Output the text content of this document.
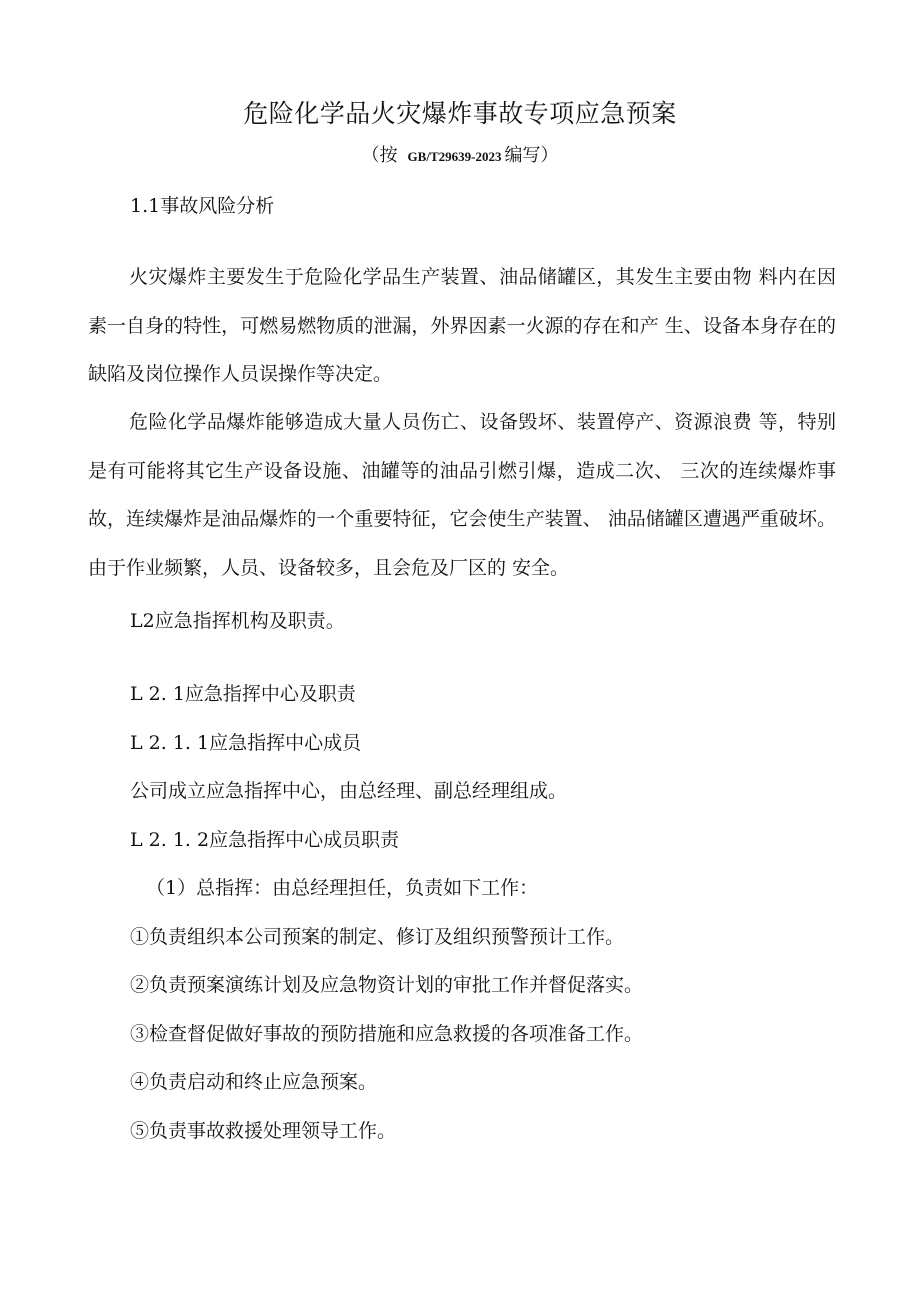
危险化学品火灾爆炸事故专项应急预案
（按 GB/T29639-2023 编写）
1.1事故风险分析
火灾爆炸主要发生于危险化学品生产装置、油品储罐区，其发生主要由物 料内在因素一自身的特性，可燃易燃物质的泄漏，外界因素一火源的存在和产 生、设备本身存在的缺陷及岗位操作人员误操作等决定。
危险化学品爆炸能够造成大量人员伤亡、设备毁坏、装置停产、资源浪费 等，特别是有可能将其它生产设备设施、油罐等的油品引燃引爆，造成二次、 三次的连续爆炸事故，连续爆炸是油品爆炸的一个重要特征，它会使生产装置、 油品储罐区遭遇严重破坏。由于作业频繁，人员、设备较多，且会危及厂区的 安全。
L2应急指挥机构及职责。
L 2. 1应急指挥中心及职责
L 2. 1. 1应急指挥中心成员
公司成立应急指挥中心，由总经理、副总经理组成。
L 2. 1. 2应急指挥中心成员职责
（1）总指挥：由总经理担任，负责如下工作：
①负责组织本公司预案的制定、修订及组织预警预计工作。
②负责预案演练计划及应急物资计划的审批工作并督促落实。
③检查督促做好事故的预防措施和应急救援的各项准备工作。
④负责启动和终止应急预案。
⑤负责事故救援处理领导工作。
